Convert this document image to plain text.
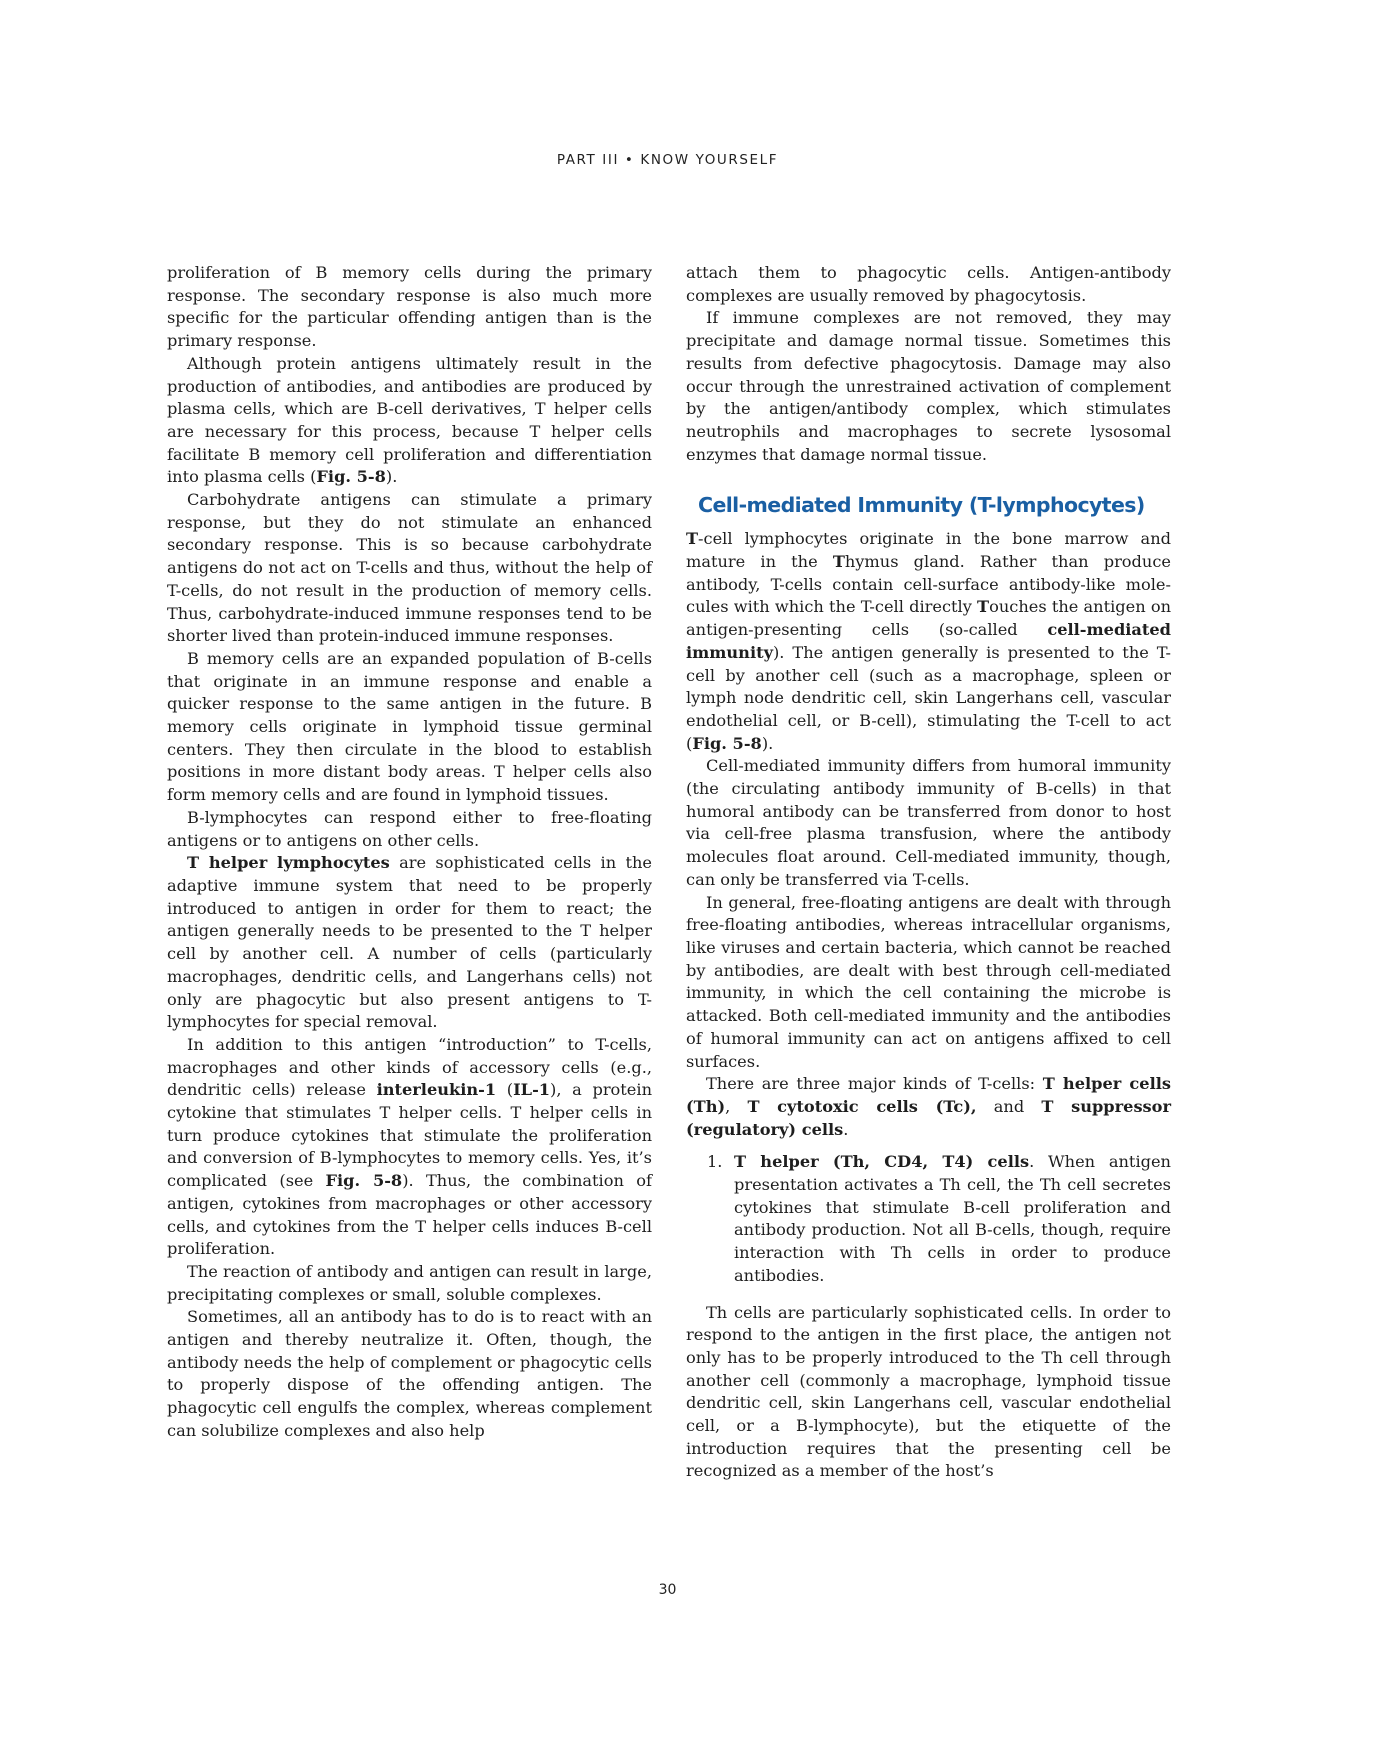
PART III • KNOW YOURSELF

proliferation of B memory cells during the primary response. The secondary response is also much more specific for the particular offending antigen than is the primary response.

Although protein antigens ultimately result in the production of antibodies, and antibodies are produced by plasma cells, which are B-cell derivatives, T helper cells are necessary for this process, because T helper cells facilitate B memory cell proliferation and differentiation into plasma cells (Fig. 5-8).

Carbohydrate antigens can stimulate a primary response, but they do not stimulate an enhanced secondary response. This is so because carbohydrate antigens do not act on T-cells and thus, without the help of T-cells, do not result in the production of memory cells. Thus, carbohydrate-induced immune responses tend to be shorter lived than protein-induced immune responses.

B memory cells are an expanded population of B-cells that originate in an immune response and enable a quicker response to the same antigen in the future. B memory cells originate in lymphoid tissue germinal centers. They then circulate in the blood to establish positions in more distant body areas. T helper cells also form memory cells and are found in lymphoid tissues.

B-lymphocytes can respond either to free-floating antigens or to antigens on other cells.

T helper lymphocytes are sophisticated cells in the adaptive immune system that need to be properly introduced to antigen in order for them to react; the antigen generally needs to be presented to the T helper cell by another cell. A number of cells (particularly macrophages, dendritic cells, and Langerhans cells) not only are phagocytic but also present antigens to T-lymphocytes for special removal.

In addition to this antigen “introduction” to T-cells, macrophages and other kinds of accessory cells (e.g., dendritic cells) release interleukin-1 (IL-1), a protein cytokine that stimulates T helper cells. T helper cells in turn produce cytokines that stimulate the proliferation and conversion of B-lymphocytes to memory cells. Yes, it’s complicated (see Fig. 5-8). Thus, the combination of antigen, cytokines from macrophages or other accessory cells, and cytokines from the T helper cells induces B-cell proliferation.

The reaction of antibody and antigen can result in large, precipitating complexes or small, soluble complexes.

Sometimes, all an antibody has to do is to react with an antigen and thereby neutralize it. Often, though, the antibody needs the help of complement or phagocytic cells to properly dispose of the offending antigen. The phagocytic cell engulfs the complex, whereas complement can solubilize complexes and also help

attach them to phagocytic cells. Antigen-antibody complexes are usually removed by phagocytosis.

If immune complexes are not removed, they may precipitate and damage normal tissue. Sometimes this results from defective phagocytosis. Damage may also occur through the unrestrained activation of complement by the antigen/antibody complex, which stimulates neutrophils and macrophages to secrete lysosomal enzymes that damage normal tissue.

Cell-mediated Immunity (T-lymphocytes)

T-cell lymphocytes originate in the bone marrow and mature in the Thymus gland. Rather than produce antibody, T-cells contain cell-surface antibody-like molecules with which the T-cell directly Touches the antigen on antigen-presenting cells (so-called cell-mediated immunity). The antigen generally is presented to the T-cell by another cell (such as a macrophage, spleen or lymph node dendritic cell, skin Langerhans cell, vascular endothelial cell, or B-cell), stimulating the T-cell to act (Fig. 5-8).

Cell-mediated immunity differs from humoral immunity (the circulating antibody immunity of B-cells) in that humoral antibody can be transferred from donor to host via cell-free plasma transfusion, where the antibody molecules float around. Cell-mediated immunity, though, can only be transferred via T-cells.

In general, free-floating antigens are dealt with through free-floating antibodies, whereas intracellular organisms, like viruses and certain bacteria, which cannot be reached by antibodies, are dealt with best through cell-mediated immunity, in which the cell containing the microbe is attacked. Both cell-mediated immunity and the antibodies of humoral immunity can act on antigens affixed to cell surfaces.

There are three major kinds of T-cells: T helper cells (Th), T cytotoxic cells (Tc), and T suppressor (regulatory) cells.

1. T helper (Th, CD4, T4) cells. When antigen presentation activates a Th cell, the Th cell secretes cytokines that stimulate B-cell proliferation and antibody production. Not all B-cells, though, require interaction with Th cells in order to produce antibodies.

Th cells are particularly sophisticated cells. In order to respond to the antigen in the first place, the antigen not only has to be properly introduced to the Th cell through another cell (commonly a macrophage, lymphoid tissue dendritic cell, skin Langerhans cell, vascular endothelial cell, or a B-lymphocyte), but the etiquette of the introduction requires that the presenting cell be recognized as a member of the host’s

30
